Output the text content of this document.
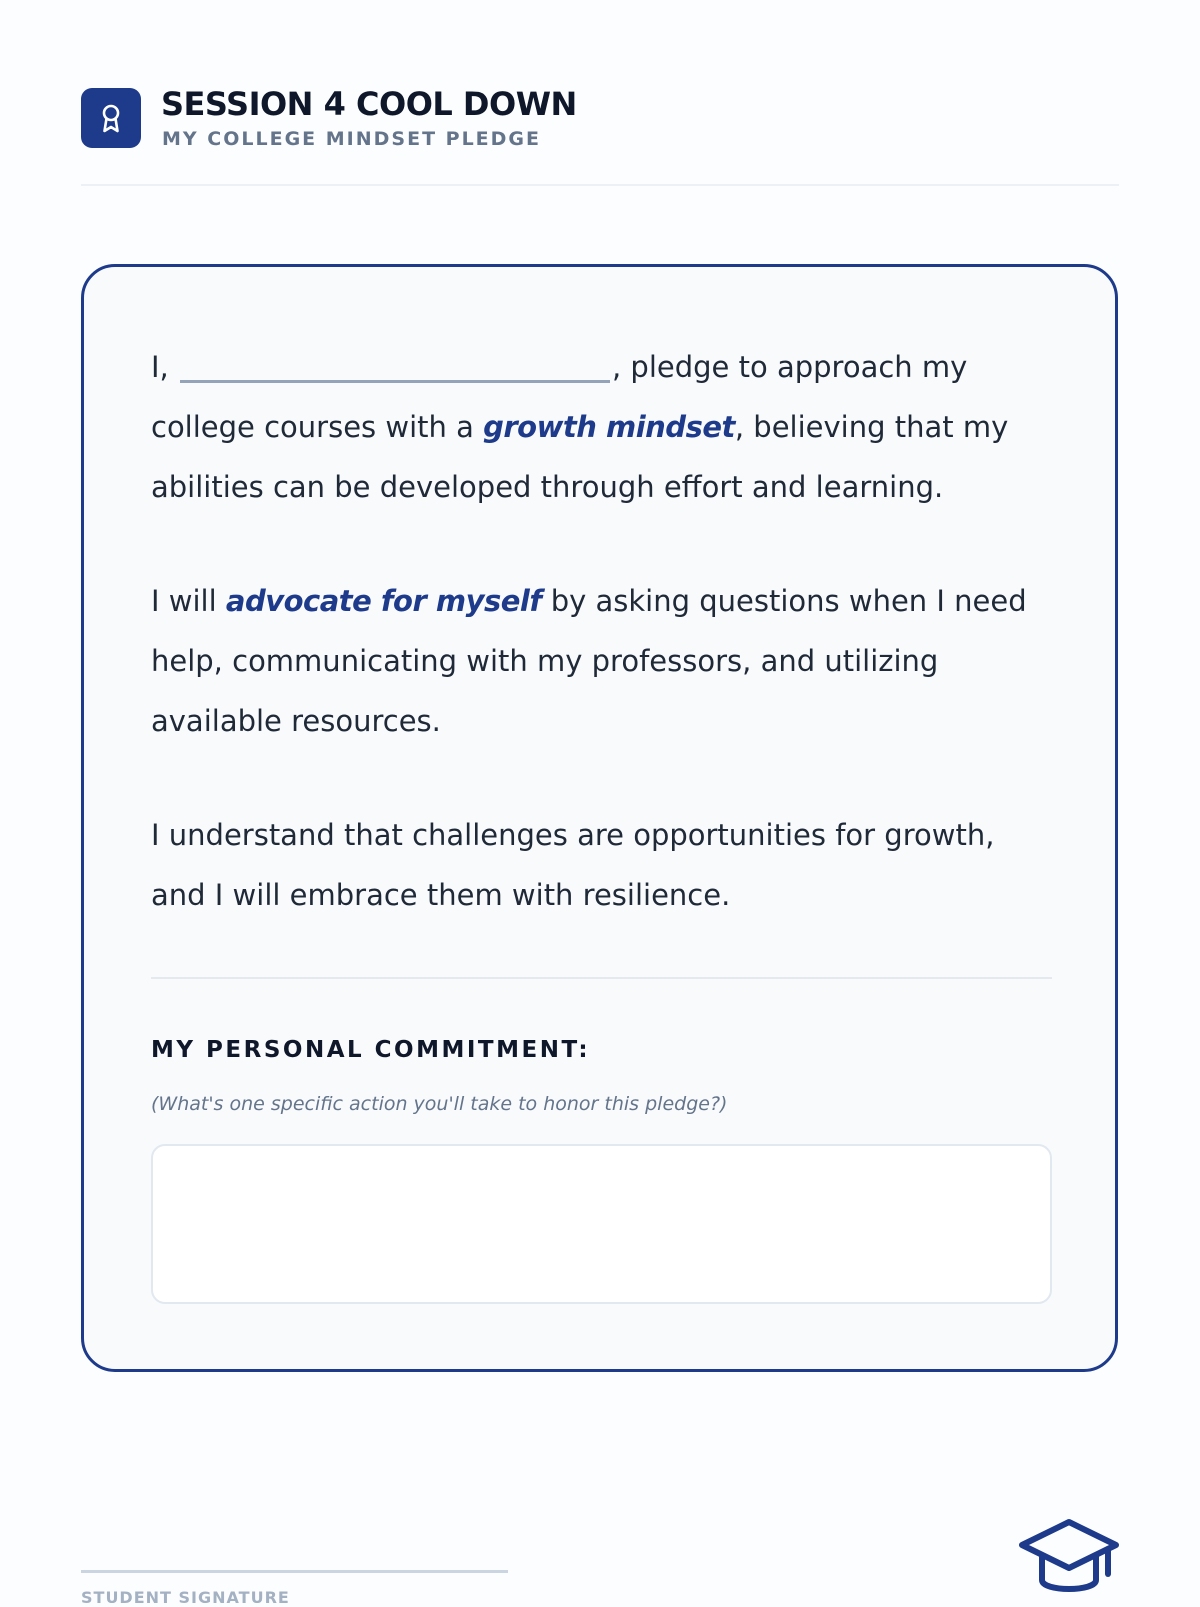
SESSION 4 COOL DOWN
MY COLLEGE MINDSET PLEDGE

I,	, pledge to approach my college courses with a growth mindset, believing that my abilities can be developed through effort and learning.

I will advocate for myself by asking questions when I need help, communicating with my professors, and utilizing available resources.

I understand that challenges are opportunities for growth, and I will embrace them with resilience.

MY PERSONAL COMMITMENT:
(What's one specific action you'll take to honor this pledge?)
STUDENT SIGNATURE
